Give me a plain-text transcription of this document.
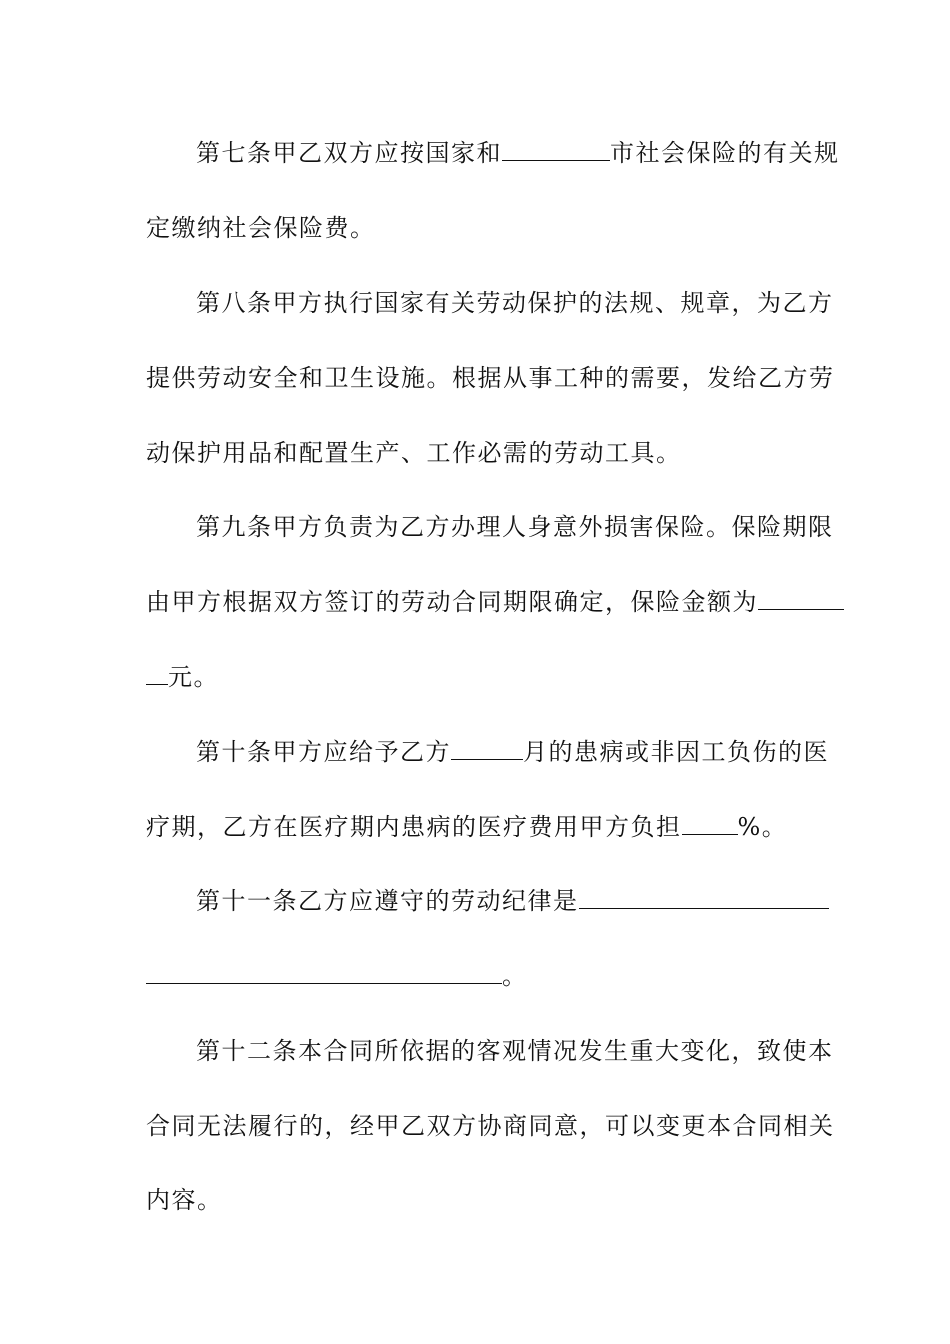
第七条甲乙双方应按国家和	市社会保险的有关规
定缴纳社会保险费。
第八条甲方执行国家有关劳动保护的法规、规章，为乙方
提供劳动安全和卫生设施。根据从事工种的需要，发给乙方劳
动保护用品和配置生产、工作必需的劳动工具。
第九条甲方负责为乙方办理人身意外损害保险。保险期限
由甲方根据双方签订的劳动合同期限确定，保险金额为
元。
第十条甲方应给予乙方	月的患病或非因工负伤的医
疗期，乙方在医疗期内患病的医疗费用甲方负担 %。
第十一条乙方应遵守的劳动纪律是
。
第十二条本合同所依据的客观情况发生重大变化，致使本
合同无法履行的，经甲乙双方协商同意，可以变更本合同相关
内容。
